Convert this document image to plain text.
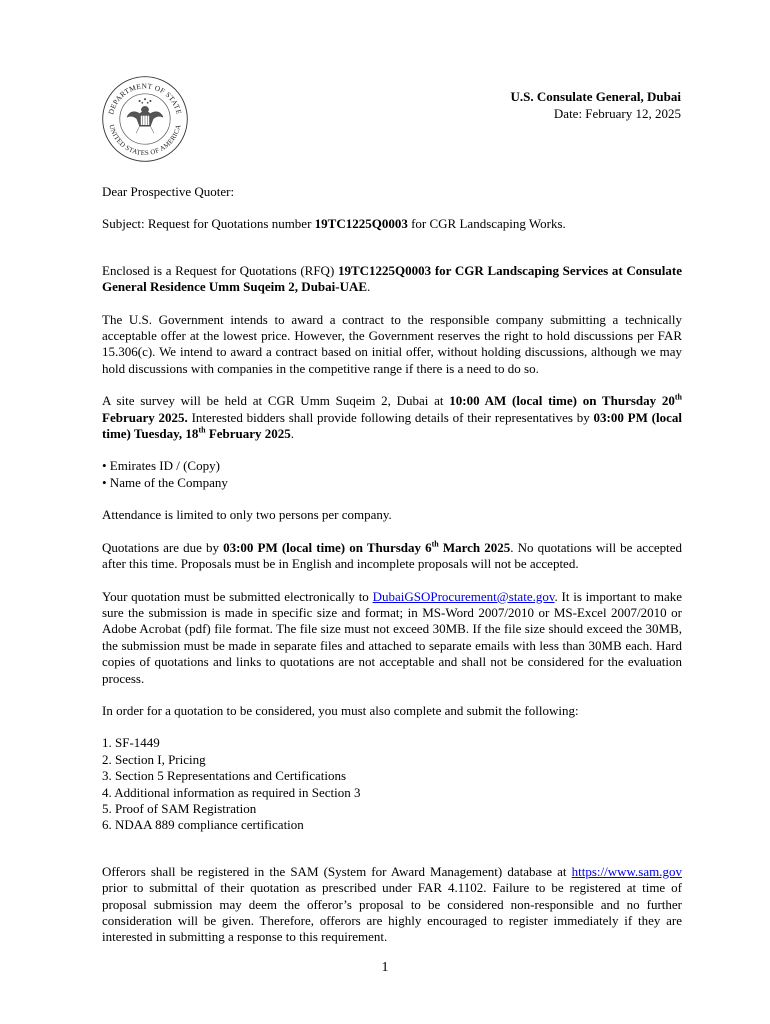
DEPARTMENT OF STATE
UNITED STATES OF AMERICA
U.S. Consulate General, Dubai
Date: February 12, 2025

Dear Prospective Quoter:

Subject: Request for Quotations number 19TC1225Q0003 for CGR Landscaping Works.

Enclosed is a Request for Quotations (RFQ) 19TC1225Q0003 for CGR Landscaping Services at Consulate General Residence Umm Suqeim 2, Dubai-UAE.

The U.S. Government intends to award a contract to the responsible company submitting a technically acceptable offer at the lowest price. However, the Government reserves the right to hold discussions per FAR 15.306(c). We intend to award a contract based on initial offer, without holding discussions, although we may hold discussions with companies in the competitive range if there is a need to do so.

A site survey will be held at CGR Umm Suqeim 2, Dubai at 10:00 AM (local time) on Thursday 20th February 2025. Interested bidders shall provide following details of their representatives by 03:00 PM (local time) Tuesday, 18th February 2025.

• Emirates ID / (Copy)
• Name of the Company

Attendance is limited to only two persons per company.

Quotations are due by 03:00 PM (local time) on Thursday 6th March 2025. No quotations will be accepted after this time. Proposals must be in English and incomplete proposals will not be accepted.

Your quotation must be submitted electronically to DubaiGSOProcurement@state.gov. It is important to make sure the submission is made in specific size and format; in MS-Word 2007/2010 or MS-Excel 2007/2010 or Adobe Acrobat (pdf) file format. The file size must not exceed 30MB. If the file size should exceed the 30MB, the submission must be made in separate files and attached to separate emails with less than 30MB each. Hard copies of quotations and links to quotations are not acceptable and shall not be considered for the evaluation process.

In order for a quotation to be considered, you must also complete and submit the following:

1. SF-1449
2. Section I, Pricing
3. Section 5 Representations and Certifications
4. Additional information as required in Section 3
5. Proof of SAM Registration
6. NDAA 889 compliance certification

Offerors shall be registered in the SAM (System for Award Management) database at https://www.sam.gov prior to submittal of their quotation as prescribed under FAR 4.1102. Failure to be registered at time of proposal submission may deem the offeror’s proposal to be considered non-responsible and no further consideration will be given. Therefore, offerors are highly encouraged to register immediately if they are interested in submitting a response to this requirement.

1
